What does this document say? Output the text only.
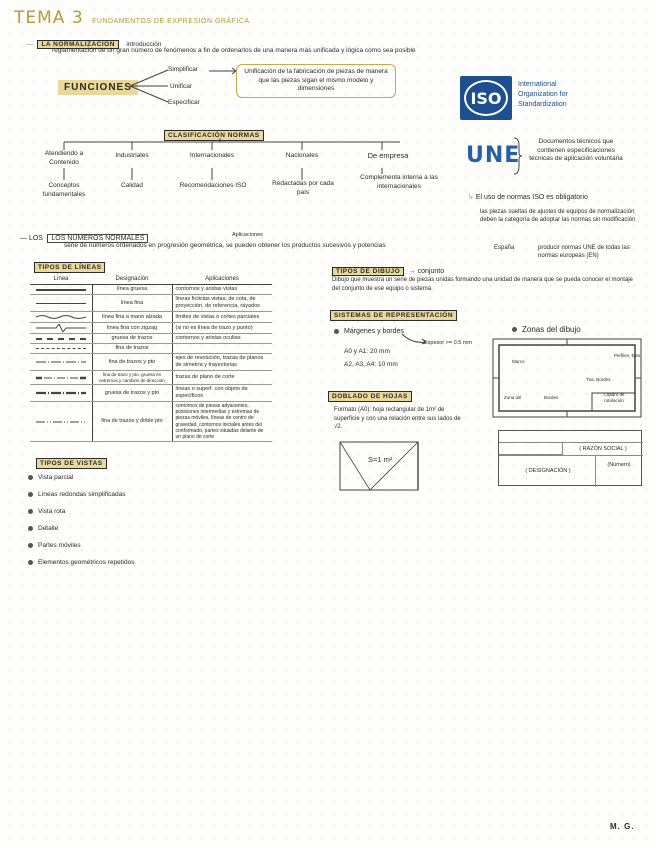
TEMA 3 FUNDAMENTOS DE EXPRESIÓN GRÁFICA
— LA NORMALIZACIÓN introducción
reglamentación de un gran número de fenómenos a fin de ordenarlos de una manera más unificada y lógica como sea posible
FUNCIONES
Simplificar
Unificar
Especificar
Unificación de la fabricación de piezas de manera que las piezas sigan el mismo modelo y dimensiones
ISO
International Organization for Standardization
UNE
Documentos técnicos que contienen especificaciones técnicas de aplicación voluntaria
CLASIFICACIÓN NORMAS
Atendiendo a Contenido
Industriales	Internacionales	Nacionales	De empresa
Conceptos fundamentales
Calidad	Recomendaciones ISO	Redactadas por cada país
Complementa interna a las internacionales
↳ El uso de normas ISO es obligatorio
las piezas sueltas de ajustes de equipos de normalización deben la categoría de adoptar las normas sin modificación
España	producir normas UNE de todas las normas europeas (EN)
— LOS LOS NÚMEROS NORMALES	Aplicaciones
serie de números ordenados en progresión geométrica, se pueden obtener los productos sucesivos y potencias
TIPOS DE LÍNEAS
Línea	Designación	Aplicaciones

	línea gruesa	contornos y aristas vistas

	línea fina	líneas ficticias vistas, de cota, de proyección, de referencia, rayados

	línea fina a mano alzada	límites de vistas o cortes parciales

	línea fina con zigzag	(si no es línea de trazo y punto)

	gruesa de trazos	contornos y aristas ocultas

	fina de trazos	

	fina de trazos y pto	ejes de revolución, trazas de planos de simetría y trayectorias

	fina de trazo y pto. gruesa en extremos y cambios de dirección	trazas de plano de corte

	gruesa de trazos y pto	líneas o superf. con objeto de específicos

	fina de trazos y doble pto	contornos de piezas adyacentes, posiciones intermedias y extremas de piezas móviles, líneas de centro de gravedad, contornos iniciales antes del conformado, partes situadas delante de un plano de corte
TIPOS DE VISTAS
Vista parcial
Líneas redondas simplificadas
Vista rota
Detalle
Partes móviles
Elementos geométricos repetidos
TIPOS DE DIBUJO → conjunto
Dibujo que muestra un serie de piezas unidas formando una unidad de manera que se pueda conocer el montaje del conjunto de ese equipo o sistema.
SISTEMAS DE REPRESENTACIÓN
Márgenes y bordes
Espesor >= 0.5 mm
A0 y A1: 20 mm
A2, A3, A4: 10 mm
DOBLADO DE HOJAS
Formato (A0): hoja rectangular de 1m² de superficie y con una relación entre sus lados de √2.
S=1 m²
Zonas del dibujo
Marco
Perfiles, Ejes
Tira, Bordes
Zona útil	Bordes
Cuadro de rotulación
( RAZÓN SOCIAL )
( DESIGNACIÓN )
(Número)
M. G.
